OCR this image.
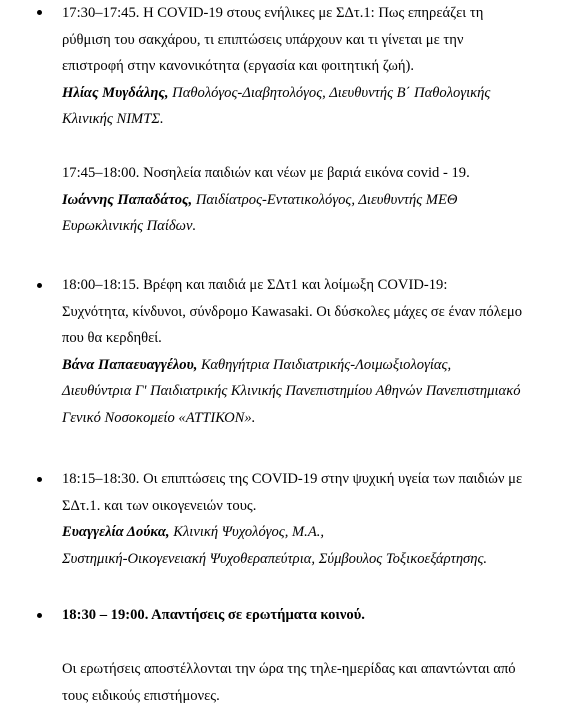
17:30–17:45. Η COVID-19 στους ενήλικες με ΣΔτ.1: Πως επηρεάζει τη
ρύθμιση του σακχάρου, τι επιπτώσεις υπάρχουν και τι γίνεται με την
επιστροφή στην κανονικότητα (εργασία και φοιτητική ζωή).
Ηλίας Μυγδάλης, Παθολόγος-Διαβητολόγος, Διευθυντής Β΄ Παθολογικής
Κλινικής ΝΙΜΤΣ.
17:45–18:00. Νοσηλεία παιδιών και νέων με βαριά εικόνα covid - 19.
Ιωάννης Παπαδάτος, Παιδίατρος-Εντατικολόγος, Διευθυντής ΜΕΘ
Ευρωκλινικής Παίδων.
18:00–18:15. Βρέφη και παιδιά με ΣΔτ1 και λοίμωξη COVID-19:
Συχνότητα, κίνδυνοι, σύνδρομο Kawasaki. Οι δύσκολες μάχες σε έναν πόλεμο
που θα κερδηθεί.
Βάνα Παπαευαγγέλου, Καθηγήτρια Παιδιατρικής-Λοιμωξιολογίας,
Διευθύντρια Γ' Παιδιατρικής Κλινικής Πανεπιστημίου Αθηνών Πανεπιστημιακό
Γενικό Νοσοκομείο «ΑΤΤΙΚΟΝ».
18:15–18:30. Οι επιπτώσεις της COVID-19 στην ψυχική υγεία των παιδιών με
ΣΔτ.1. και των οικογενειών τους.
Ευαγγελία Δούκα, Κλινική Ψυχολόγος, Μ.Α.,
Συστημική-Οικογενειακή Ψυχοθεραπεύτρια, Σύμβουλος Τοξικοεξάρτησης.
18:30 – 19:00. Απαντήσεις σε ερωτήματα κοινού.
Οι ερωτήσεις αποστέλλονται την ώρα της τηλε-ημερίδας και απαντώνται από
τους ειδικούς επιστήμονες.
